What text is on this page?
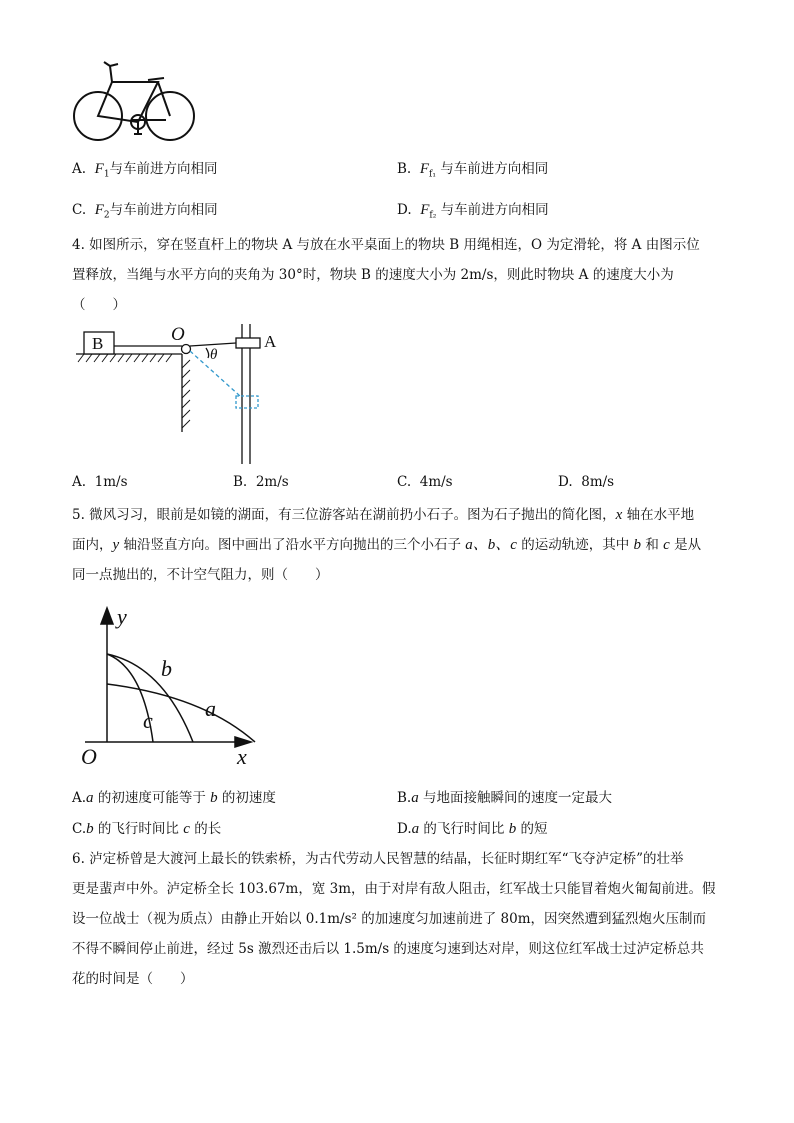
A. $F_1$与车前进方向相同	B. $F_{f_1}$ 与车前进方向相同
C. $F_2$与车前进方向相同	D. $F_{f_2}$ 与车前进方向相同
4. 如图所示，穿在竖直杆上的物块 A 与放在水平桌面上的物块 B 用绳相连，O 为定滑轮，将 A 由图示位
置释放，当绳与水平方向的夹角为 30°时，物块 B 的速度大小为 2m/s，则此时物块 A 的速度大小为
（　　）
B	O	A
θ
A. 1m/s	B. 2m/s	C. 4m/s	D. 8m/s
5. 微风习习，眼前是如镜的湖面，有三位游客站在湖前扔小石子。图为石子抛出的简化图，x 轴在水平地
面内，y 轴沿竖直方向。图中画出了沿水平方向抛出的三个小石子 a、b、c 的运动轨迹，其中 b 和 c 是从
同一点抛出的，不计空气阻力，则（　　）
y
x
O
b
a
c
A.a 的初速度可能等于 b 的初速度	B.a 与地面接触瞬间的速度一定最大
C.b 的飞行时间比 c 的长	D.a 的飞行时间比 b 的短
6. 泸定桥曾是大渡河上最长的铁索桥，为古代劳动人民智慧的结晶，长征时期红军“飞夺泸定桥”的壮举
更是蜚声中外。泸定桥全长 103.67m，宽 3m，由于对岸有敌人阻击，红军战士只能冒着炮火匍匐前进。假
设一位战士（视为质点）由静止开始以 0.1m/s² 的加速度匀加速前进了 80m，因突然遭到猛烈炮火压制而
不得不瞬间停止前进，经过 5s 激烈还击后以 1.5m/s 的速度匀速到达对岸，则这位红军战士过泸定桥总共
花的时间是（　　）
